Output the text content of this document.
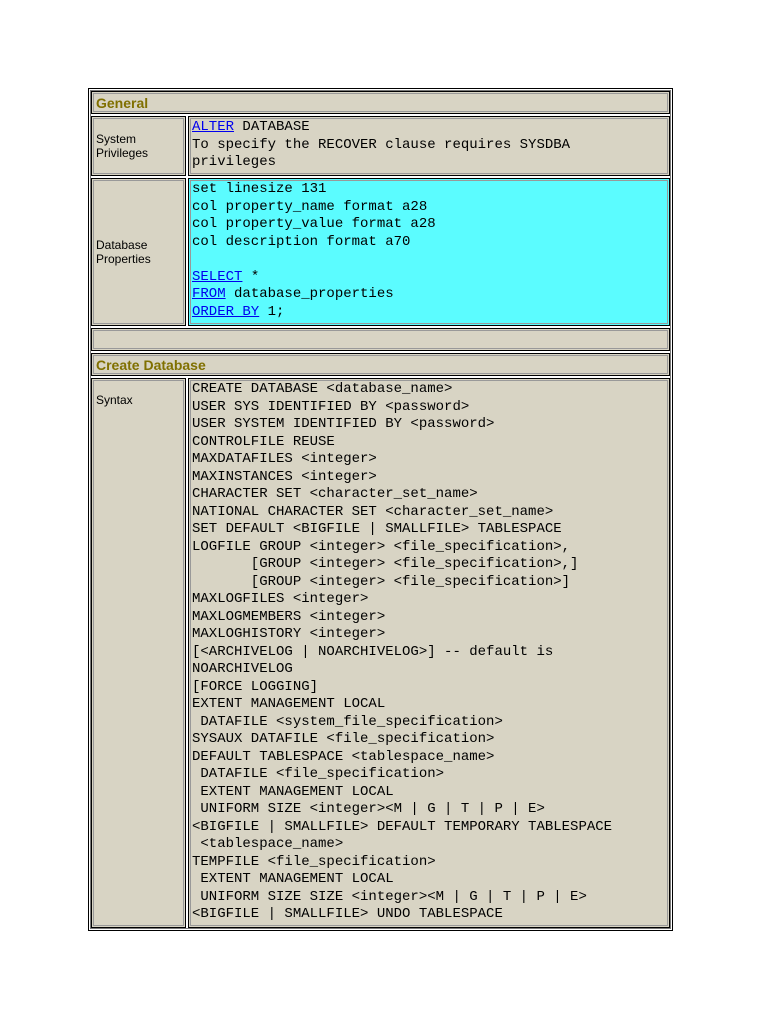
General
System Privileges
ALTER DATABASE
To specify the RECOVER clause requires SYSDBA
privileges
Database Properties
set linesize 131
col property_name format a28
col property_value format a28
col description format a70

SELECT *
FROM database_properties
ORDER BY 1;
Create Database
Syntax
CREATE DATABASE <database_name>
USER SYS IDENTIFIED BY <password>
USER SYSTEM IDENTIFIED BY <password>
CONTROLFILE REUSE
MAXDATAFILES <integer>
MAXINSTANCES <integer>
CHARACTER SET <character_set_name>
NATIONAL CHARACTER SET <character_set_name>
SET DEFAULT <BIGFILE | SMALLFILE> TABLESPACE
LOGFILE GROUP <integer> <file_specification>,
[GROUP <integer> <file_specification>,]
[GROUP <integer> <file_specification>]
MAXLOGFILES <integer>
MAXLOGMEMBERS <integer>
MAXLOGHISTORY <integer>
[<ARCHIVELOG | NOARCHIVELOG>] -- default is
NOARCHIVELOG
[FORCE LOGGING]
EXTENT MANAGEMENT LOCAL
DATAFILE <system_file_specification>
SYSAUX DATAFILE <file_specification>
DEFAULT TABLESPACE <tablespace_name>
DATAFILE <file_specification>
EXTENT MANAGEMENT LOCAL
UNIFORM SIZE <integer><M | G | T | P | E>
<BIGFILE | SMALLFILE> DEFAULT TEMPORARY TABLESPACE
<tablespace_name>
TEMPFILE <file_specification>
EXTENT MANAGEMENT LOCAL
UNIFORM SIZE SIZE <integer><M | G | T | P | E>
<BIGFILE | SMALLFILE> UNDO TABLESPACE
